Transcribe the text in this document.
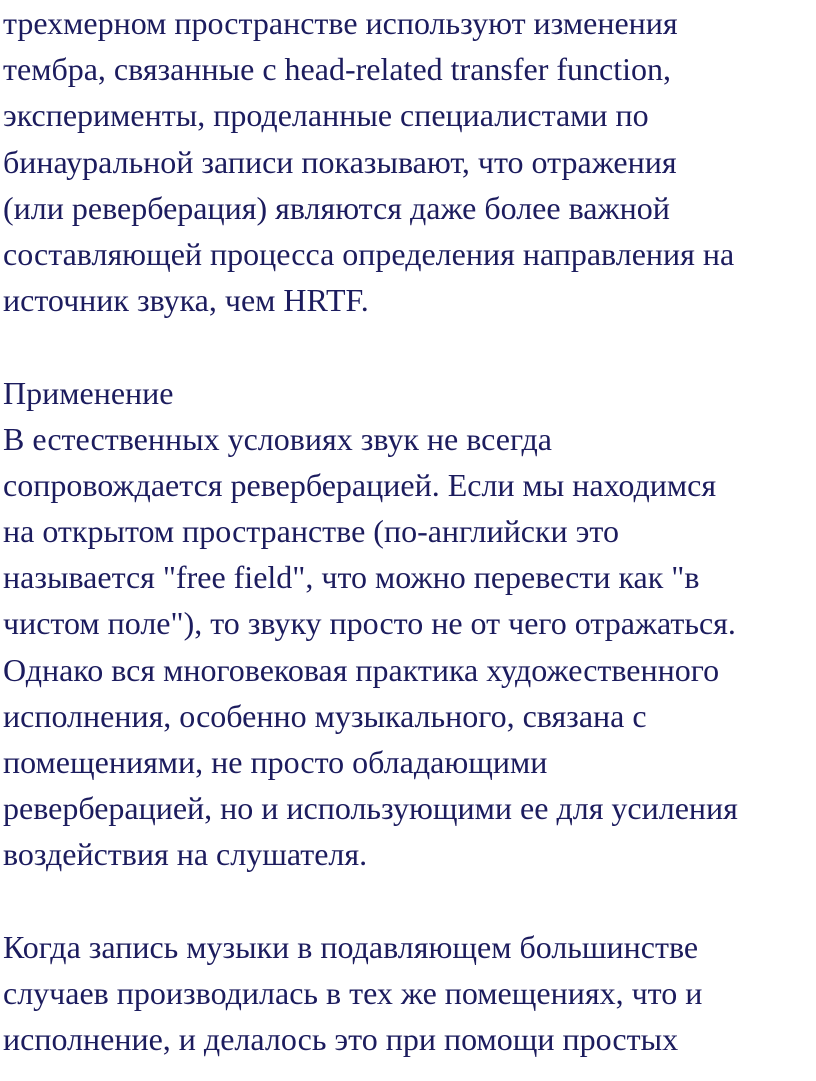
трехмерном пространстве используют изменения
тембра, связанные с head-related transfer function,
эксперименты, проделанные специалистами по
бинауральной записи показывают, что отражения
(или реверберация) являются даже более важной
составляющей процесса определения направления на
источник звука, чем HRTF.
Применение
В естественных условиях звук не всегда
сопровождается реверберацией. Если мы находимся
на открытом пространстве (по-английски это
называется "free field", что можно перевести как "в
чистом поле"), то звуку просто не от чего отражаться.
Однако вся многовековая практика художественного
исполнения, особенно музыкального, связана с
помещениями, не просто обладающими
реверберацией, но и использующими ее для усиления
воздействия на слушателя.
Когда запись музыки в подавляющем большинстве
случаев производилась в тех же помещениях, что и
исполнение, и делалось это при помощи простых
